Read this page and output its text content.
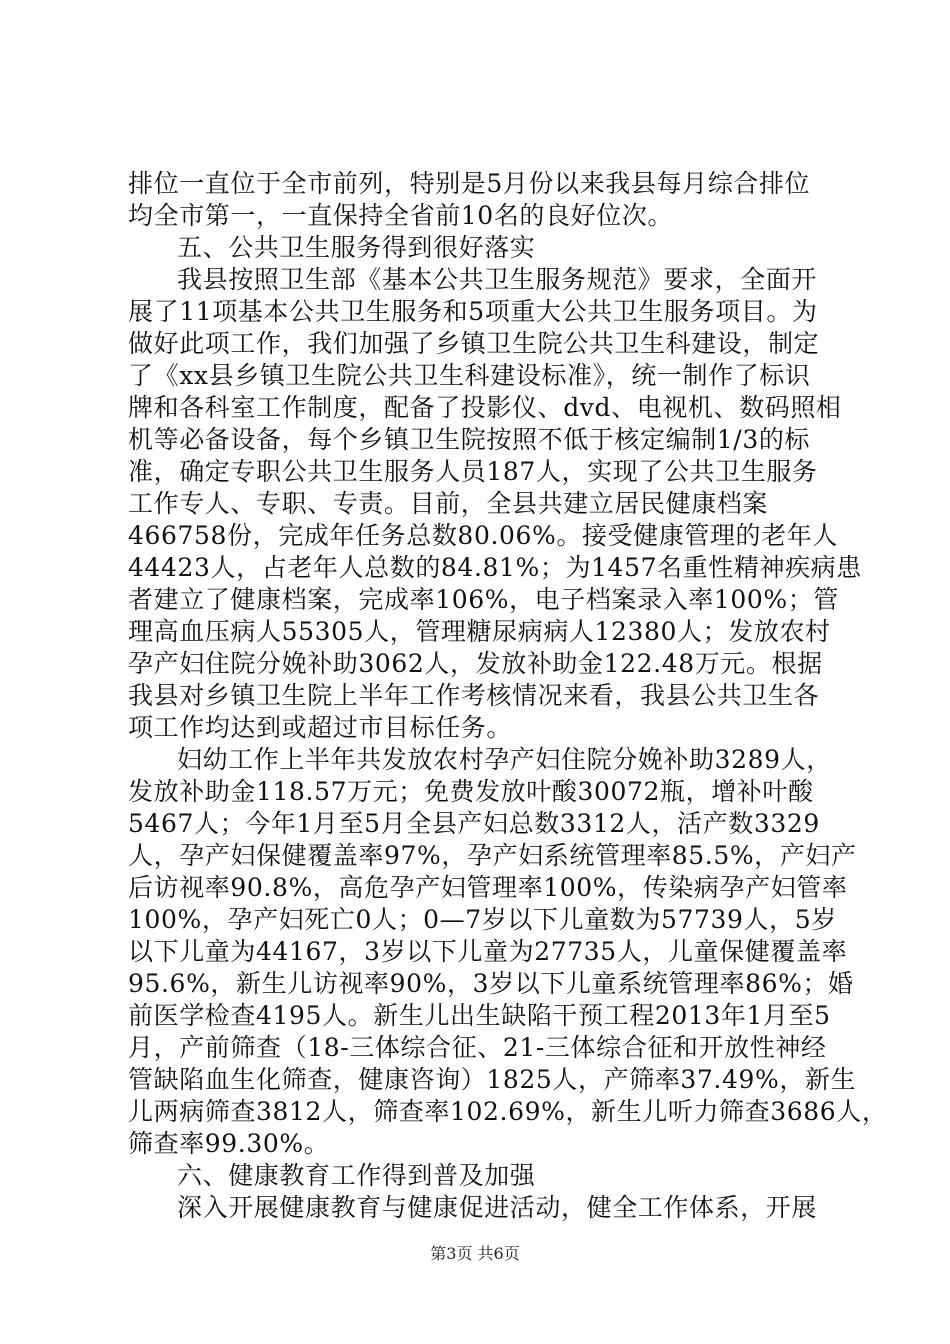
排位一直位于全市前列，特别是5月份以来我县每月综合排位
均全市第一，一直保持全省前10名的良好位次。
五、公共卫生服务得到很好落实
我县按照卫生部《基本公共卫生服务规范》要求，全面开
展了11项基本公共卫生服务和5项重大公共卫生服务项目。为
做好此项工作，我们加强了乡镇卫生院公共卫生科建设，制定
了《xx县乡镇卫生院公共卫生科建设标准》，统一制作了标识
牌和各科室工作制度，配备了投影仪、dvd、电视机、数码照相
机等必备设备，每个乡镇卫生院按照不低于核定编制1/3的标
准，确定专职公共卫生服务人员187人，实现了公共卫生服务
工作专人、专职、专责。目前，全县共建立居民健康档案
466758份，完成年任务总数80.06%。接受健康管理的老年人
44423人，占老年人总数的84.81%；为1457名重性精神疾病患
者建立了健康档案，完成率106%，电子档案录入率100%；管
理高血压病人55305人，管理糖尿病病人12380人；发放农村
孕产妇住院分娩补助3062人，发放补助金122.48万元。根据
我县对乡镇卫生院上半年工作考核情况来看，我县公共卫生各
项工作均达到或超过市目标任务。
妇幼工作上半年共发放农村孕产妇住院分娩补助3289人，
发放补助金118.57万元；免费发放叶酸30072瓶，增补叶酸
5467人；今年1月至5月全县产妇总数3312人，活产数3329
人，孕产妇保健覆盖率97%，孕产妇系统管理率85.5%，产妇产
后访视率90.8%，高危孕产妇管理率100%，传染病孕产妇管率
100%，孕产妇死亡0人；0—7岁以下儿童数为57739人，5岁
以下儿童为44167，3岁以下儿童为27735人，儿童保健覆盖率
95.6%，新生儿访视率90%，3岁以下儿童系统管理率86%；婚
前医学检查4195人。新生儿出生缺陷干预工程2013年1月至5
月，产前筛查（18-三体综合征、21-三体综合征和开放性神经
管缺陷血生化筛查，健康咨询）1825人，产筛率37.49%，新生
儿两病筛查3812人，筛查率102.69%，新生儿听力筛查3686人，
筛查率99.30%。
六、健康教育工作得到普及加强
深入开展健康教育与健康促进活动，健全工作体系，开展
第3页 共6页
